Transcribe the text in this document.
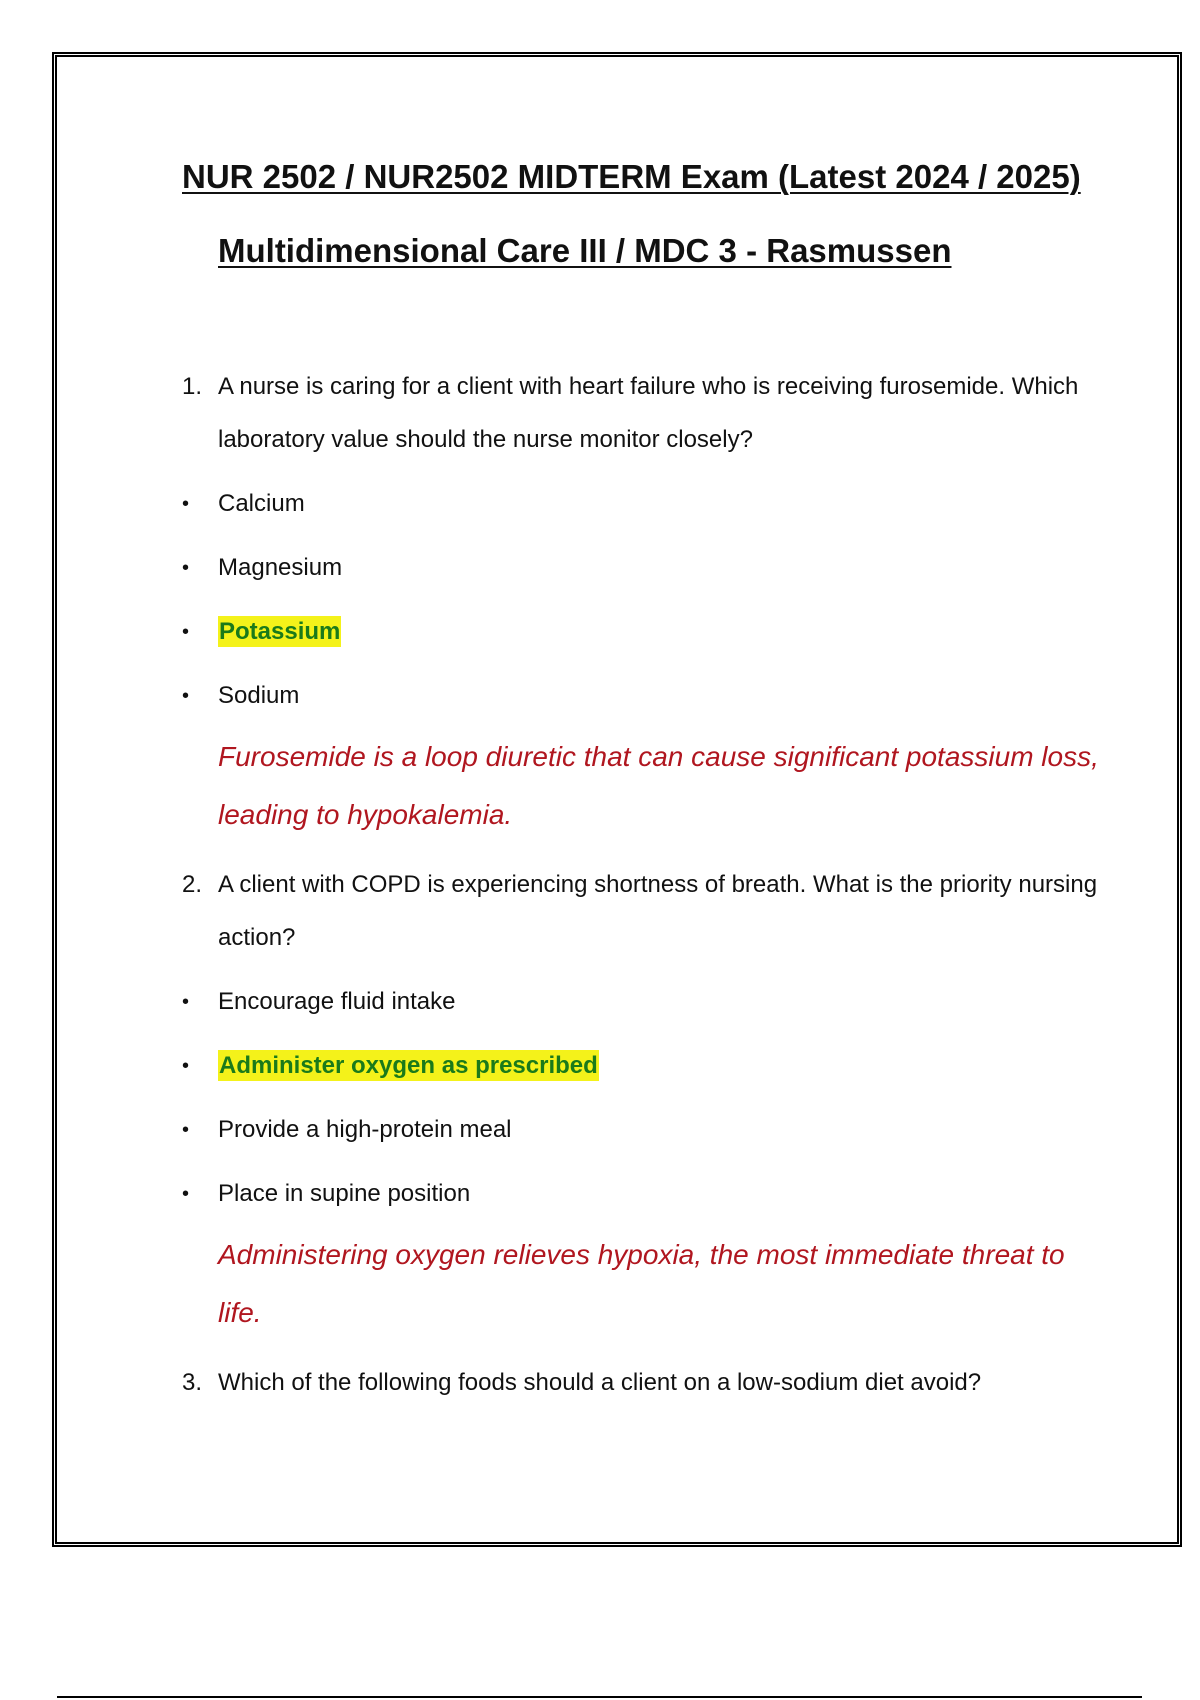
NUR 2502 / NUR2502 MIDTERM Exam (Latest 2024 / 2025) Multidimensional Care III / MDC 3 - Rasmussen

1. A nurse is caring for a client with heart failure who is receiving furosemide. Which laboratory value should the nurse monitor closely?

• Calcium
• Magnesium
• Potassium
• Sodium

Furosemide is a loop diuretic that can cause significant potassium loss, leading to hypokalemia.

2. A client with COPD is experiencing shortness of breath. What is the priority nursing action?

• Encourage fluid intake
• Administer oxygen as prescribed
• Provide a high-protein meal
• Place in supine position

Administering oxygen relieves hypoxia, the most immediate threat to life.

3. Which of the following foods should a client on a low-sodium diet avoid?
